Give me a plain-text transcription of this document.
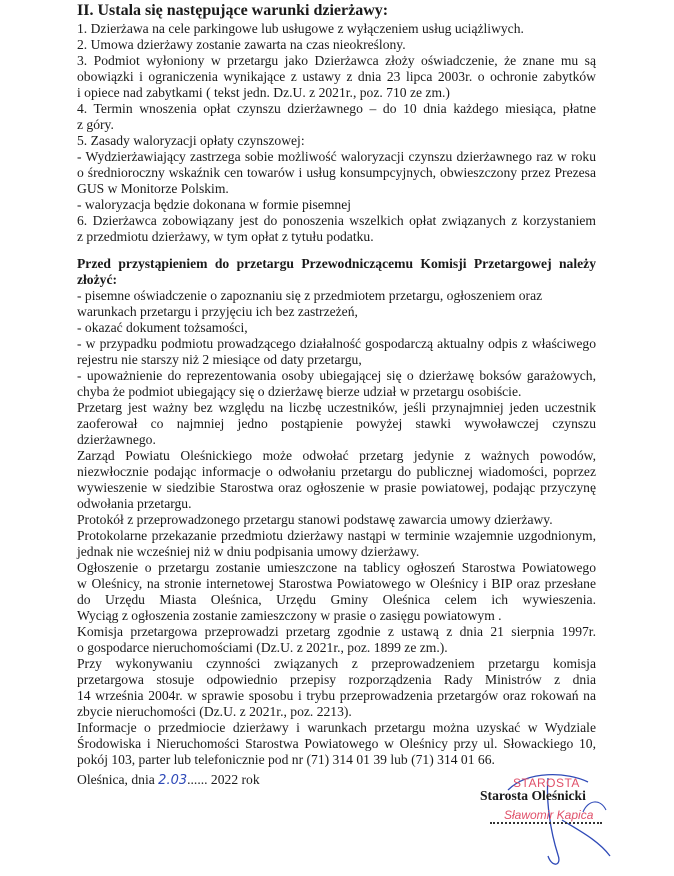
II. Ustala się następujące warunki dzierżawy:
1. Dzierżawa na cele parkingowe lub usługowe z wyłączeniem usług uciążliwych.
2. Umowa dzierżawy zostanie zawarta na czas nieokreślony.
3. Podmiot wyłoniony w przetargu jako Dzierżawca złoży oświadczenie, że znane mu są
obowiązki i ograniczenia wynikające z ustawy z dnia 23 lipca 2003r. o ochronie zabytków
i opiece nad zabytkami ( tekst jedn. Dz.U. z 2021r., poz. 710 ze zm.)
4. Termin wnoszenia opłat czynszu dzierżawnego – do 10 dnia każdego miesiąca, płatne
z góry.
5. Zasady waloryzacji opłaty czynszowej:
- Wydzierżawiający zastrzega sobie możliwość waloryzacji czynszu dzierżawnego raz w roku
o średnioroczny wskaźnik cen towarów i usług konsumpcyjnych, obwieszczony przez Prezesa
GUS w Monitorze Polskim.
- waloryzacja będzie dokonana w formie pisemnej
6. Dzierżawca zobowiązany jest do ponoszenia wszelkich opłat związanych z korzystaniem
z przedmiotu dzierżawy, w tym opłat z tytułu podatku.
Przed przystąpieniem do przetargu Przewodniczącemu Komisji Przetargowej należy
złożyć:
- pisemne oświadczenie o zapoznaniu się z przedmiotem przetargu, ogłoszeniem oraz
warunkach przetargu i przyjęciu ich bez zastrzeżeń,
- okazać dokument tożsamości,
- w przypadku podmiotu prowadzącego działalność gospodarczą aktualny odpis z właściwego
rejestru nie starszy niż 2 miesiące od daty przetargu,
- upoważnienie do reprezentowania osoby ubiegającej się o dzierżawę boksów garażowych,
chyba że podmiot ubiegający się o dzierżawę bierze udział w przetargu osobiście.
Przetarg jest ważny bez względu na liczbę uczestników, jeśli przynajmniej jeden uczestnik
zaoferował co najmniej jedno postąpienie powyżej stawki wywoławczej czynszu
dzierżawnego.
Zarząd Powiatu Oleśnickiego może odwołać przetarg jedynie z ważnych powodów,
niezwłocznie podając informacje o odwołaniu przetargu do publicznej wiadomości, poprzez
wywieszenie w siedzibie Starostwa oraz ogłoszenie w prasie powiatowej, podając przyczynę
odwołania przetargu.
Protokół z przeprowadzonego przetargu stanowi podstawę zawarcia umowy dzierżawy.
Protokolarne przekazanie przedmiotu dzierżawy nastąpi w terminie wzajemnie uzgodnionym,
jednak nie wcześniej niż w dniu podpisania umowy dzierżawy.
Ogłoszenie o przetargu zostanie umieszczone na tablicy ogłoszeń Starostwa Powiatowego
w Oleśnicy, na stronie internetowej Starostwa Powiatowego w Oleśnicy i BIP oraz przesłane
do Urzędu Miasta Oleśnica, Urzędu Gminy Oleśnica celem ich wywieszenia.
Wyciąg z ogłoszenia zostanie zamieszczony w prasie o zasięgu powiatowym .
Komisja przetargowa przeprowadzi przetarg zgodnie z ustawą z dnia 21 sierpnia 1997r.
o gospodarce nieruchomościami (Dz.U. z 2021r., poz. 1899 ze zm.).
Przy wykonywaniu czynności związanych z przeprowadzeniem przetargu komisja
przetargowa stosuje odpowiednio przepisy rozporządzenia Rady Ministrów z dnia
14 września 2004r. w sprawie sposobu i trybu przeprowadzenia przetargów oraz rokowań na
zbycie nieruchomości (Dz.U. z 2021r., poz. 2213).
Informacje o przedmiocie dzierżawy i warunkach przetargu można uzyskać w Wydziale
Środowiska i Nieruchomości Starostwa Powiatowego w Oleśnicy przy ul. Słowackiego 10,
pokój 103, parter lub telefonicznie pod nr (71) 314 01 39 lub (71) 314 01 66.
Oleśnica, dnia 2.03...... 2022 rok	STAROSTA
Starosta Oleśnicki
Sławomir Kapica
